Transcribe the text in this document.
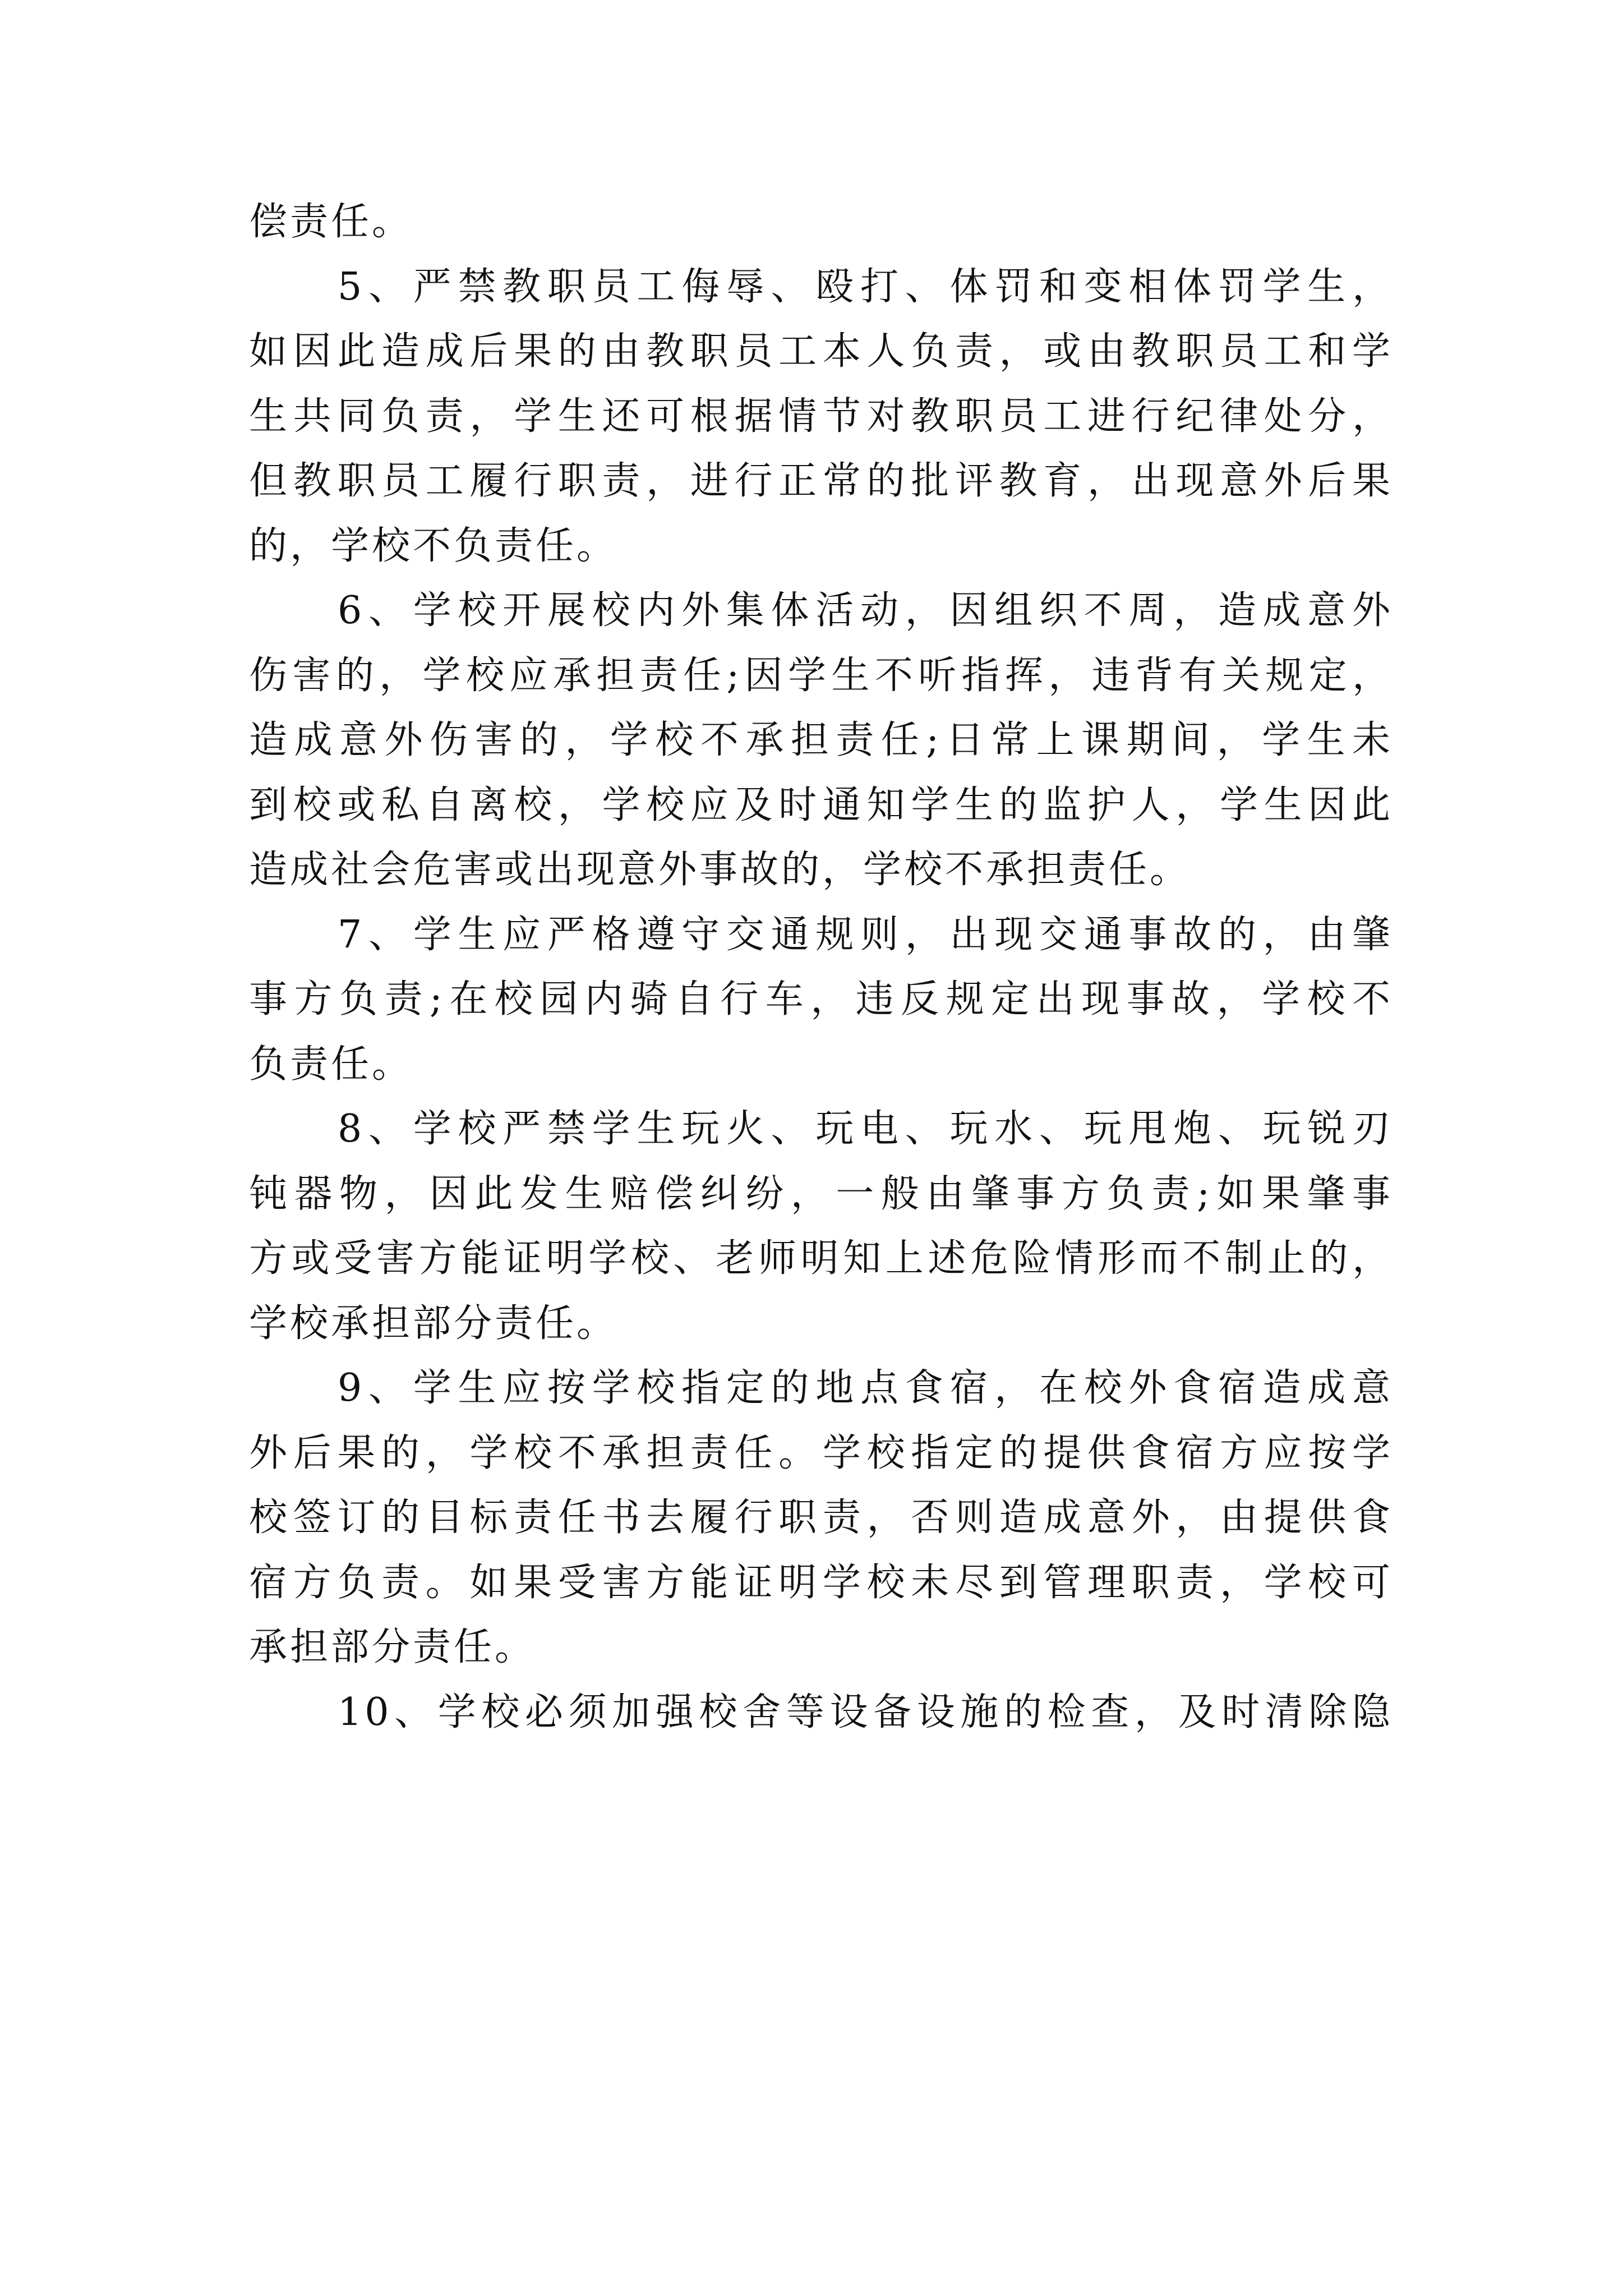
偿责任。
5、严禁教职员工侮辱、殴打、体罚和变相体罚学生，
如因此造成后果的由教职员工本人负责，或由教职员工和学
生共同负责，学生还可根据情节对教职员工进行纪律处分，
但教职员工履行职责，进行正常的批评教育，出现意外后果
的，学校不负责任。
6、学校开展校内外集体活动，因组织不周，造成意外
伤害的，学校应承担责任;因学生不听指挥，违背有关规定，
造成意外伤害的，学校不承担责任;日常上课期间，学生未
到校或私自离校，学校应及时通知学生的监护人，学生因此
造成社会危害或出现意外事故的，学校不承担责任。
7、学生应严格遵守交通规则，出现交通事故的，由肇
事方负责;在校园内骑自行车，违反规定出现事故，学校不
负责任。
8、学校严禁学生玩火、玩电、玩水、玩甩炮、玩锐刃
钝器物，因此发生赔偿纠纷，一般由肇事方负责;如果肇事
方或受害方能证明学校、老师明知上述危险情形而不制止的，
学校承担部分责任。
9、学生应按学校指定的地点食宿，在校外食宿造成意
外后果的，学校不承担责任。学校指定的提供食宿方应按学
校签订的目标责任书去履行职责，否则造成意外，由提供食
宿方负责。如果受害方能证明学校未尽到管理职责，学校可
承担部分责任。
10、学校必须加强校舍等设备设施的检查，及时清除隐
